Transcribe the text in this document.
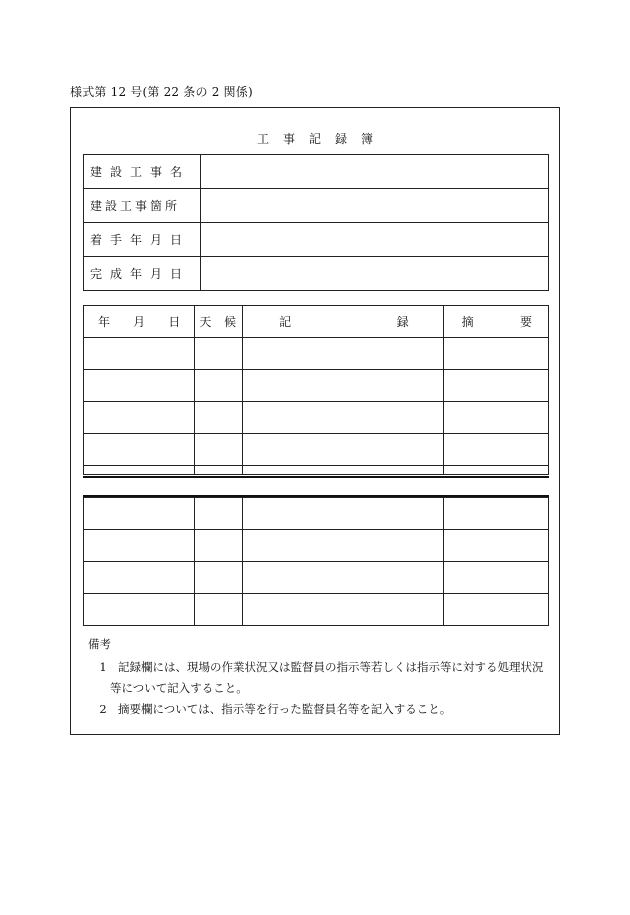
様式第 12 号(第 22 条の 2 関係)
工事記録簿
建設工事名	
建設工事箇所	
着手年月日	
完成年月日	
年 月 日	天 候	記 録	摘 要

備考
1 記録欄には、現場の作業状況又は監督員の指示等若しくは指示等に対する処理状況
等について記入すること。
2 摘要欄については、指示等を行った監督員名等を記入すること。
